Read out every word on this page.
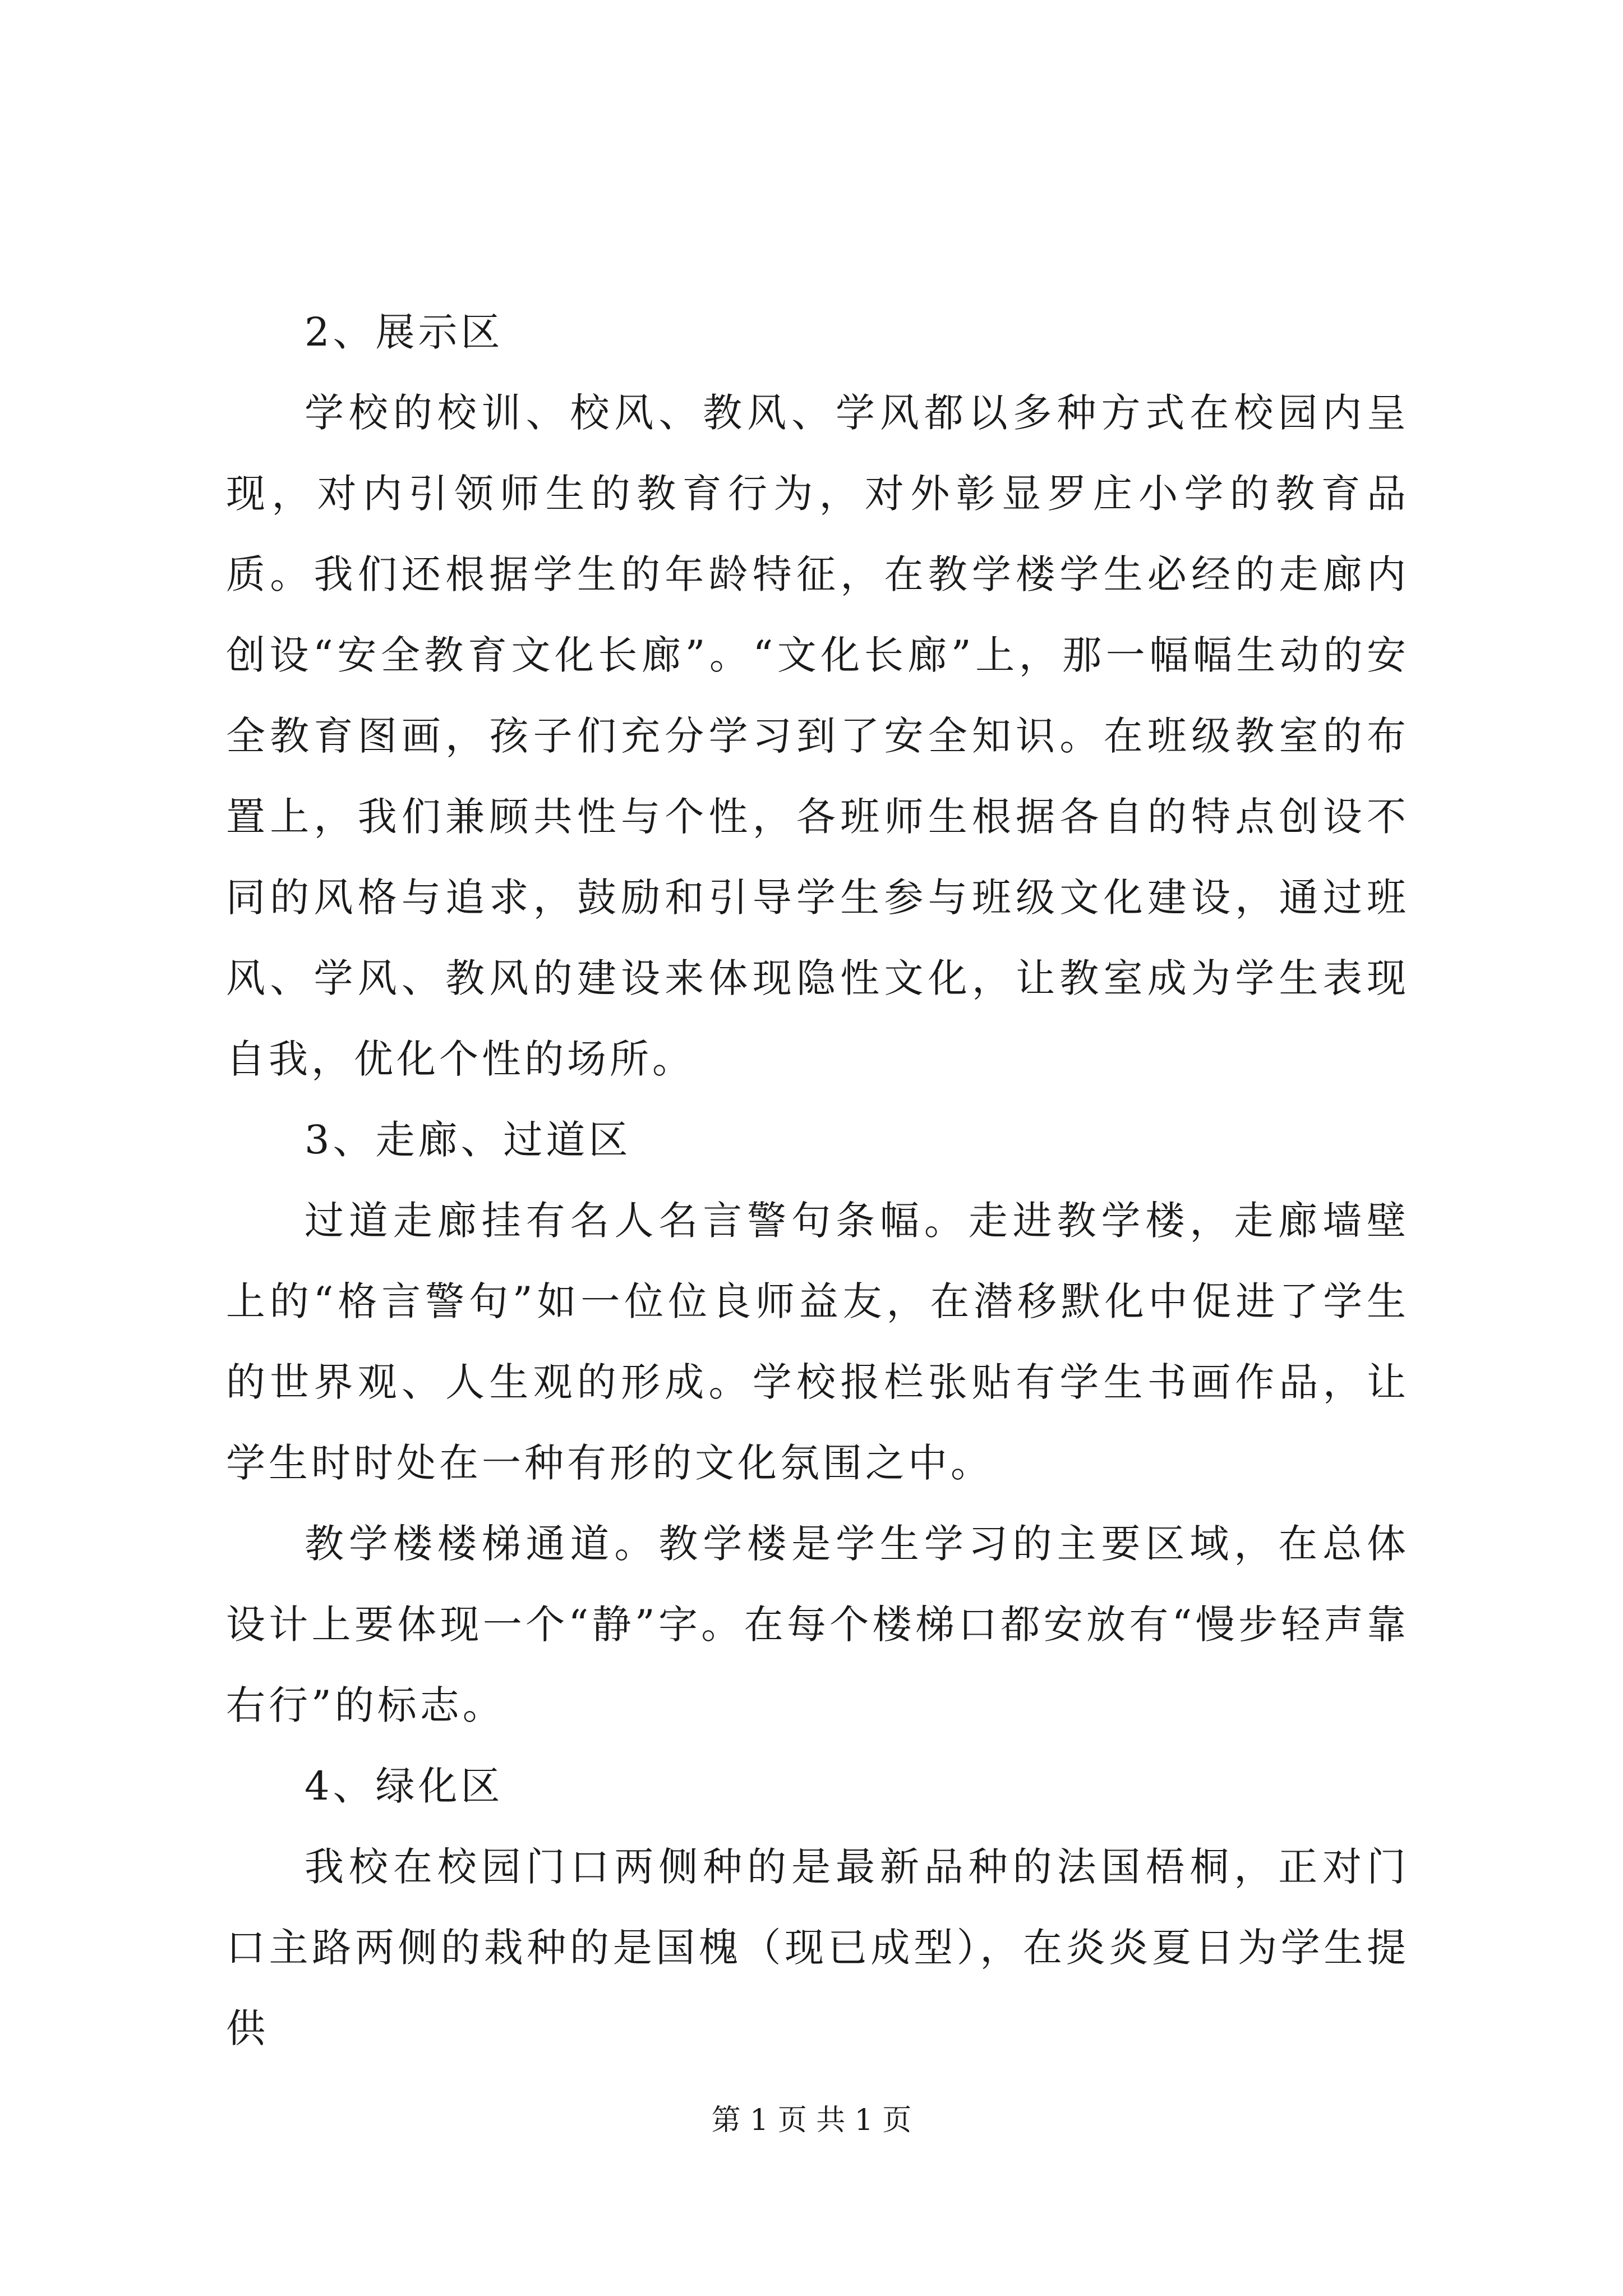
2、展示区

学校的校训、校风、教风、学风都以多种方式在校园内呈现，对内引领师生的教育行为，对外彰显罗庄小学的教育品质。我们还根据学生的年龄特征，在教学楼学生必经的走廊内创设“安全教育文化长廊”。“文化长廊”上，那一幅幅生动的安全教育图画，孩子们充分学习到了安全知识。在班级教室的布置上，我们兼顾共性与个性，各班师生根据各自的特点创设不同的风格与追求，鼓励和引导学生参与班级文化建设，通过班风、学风、教风的建设来体现隐性文化，让教室成为学生表现自我，优化个性的场所。

3、走廊、过道区

过道走廊挂有名人名言警句条幅。走进教学楼，走廊墙壁上的“格言警句”如一位位良师益友，在潜移默化中促进了学生的世界观、人生观的形成。学校报栏张贴有学生书画作品，让学生时时处在一种有形的文化氛围之中。

教学楼楼梯通道。教学楼是学生学习的主要区域，在总体设计上要体现一个“静”字。在每个楼梯口都安放有“慢步轻声靠右行”的标志。

4、绿化区

我校在校园门口两侧种的是最新品种的法国梧桐，正对门口主路两侧的栽种的是国槐（现已成型），在炎炎夏日为学生提供

第 1 页 共 1 页
